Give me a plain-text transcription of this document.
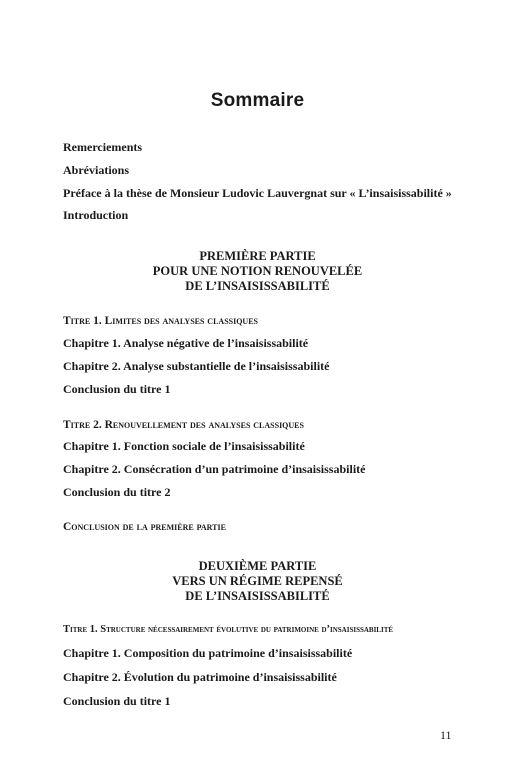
Sommaire
Remerciements
Abréviations
Préface à la thèse de Monsieur Ludovic Lauvergnat sur « L’insaisissabilité »
Introduction
PREMIÈRE PARTIE
POUR UNE NOTION RENOUVELÉE
DE L’INSAISISSABILITÉ
Titre 1. Limites des analyses classiques
Chapitre 1. Analyse négative de l’insaisissabilité
Chapitre 2. Analyse substantielle de l’insaisissabilité
Conclusion du titre 1
Titre 2. Renouvellement des analyses classiques
Chapitre 1. Fonction sociale de l’insaisissabilité
Chapitre 2. Consécration d’un patrimoine d’insaisissabilité
Conclusion du titre 2
Conclusion de la première partie
DEUXIÈME PARTIE
VERS UN RÉGIME REPENSÉ
DE L’INSAISISSABILITÉ
Titre 1. Structure nécessairement évolutive du patrimoine d’insaisissabilité
Chapitre 1. Composition du patrimoine d’insaisissabilité
Chapitre 2. Évolution du patrimoine d’insaisissabilité
Conclusion du titre 1
11
